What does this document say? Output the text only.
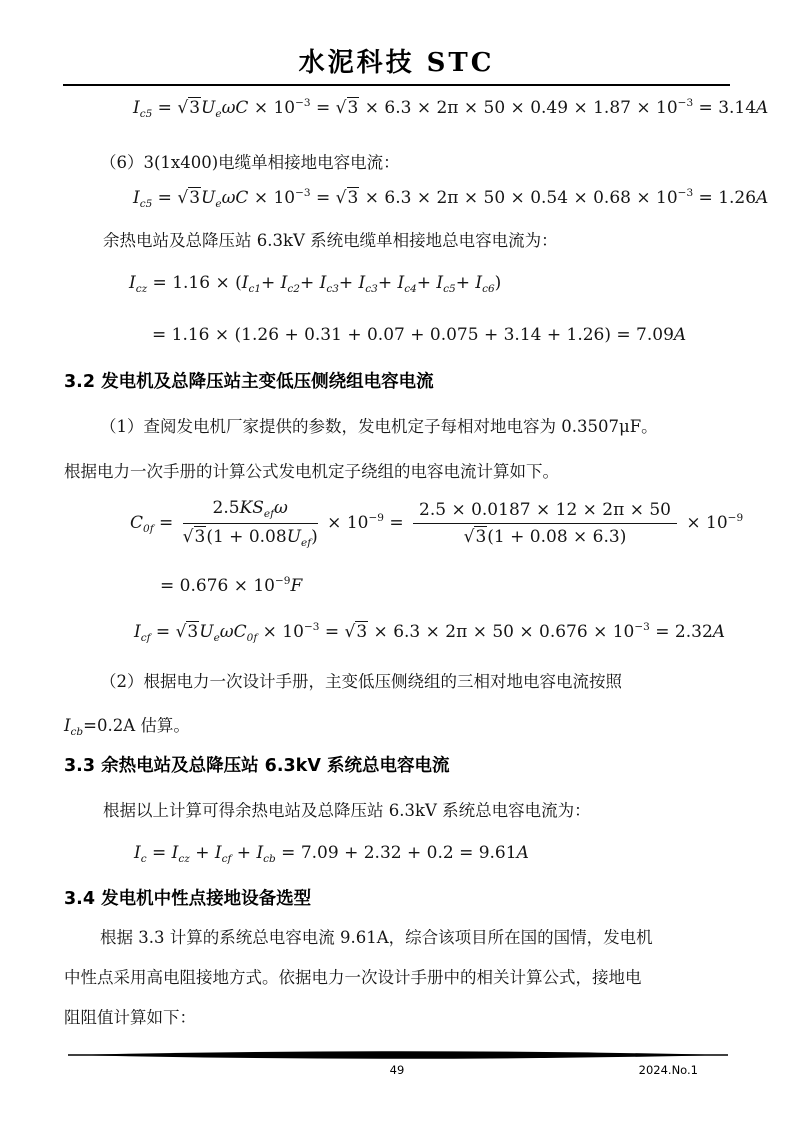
水泥科技 STC
$I_{c5} = √3U_e\omega C \times 10^{-3} = √3 \times 6.3 \times 2\pi \times 50 \times 0.49 \times 1.87 \times 10^{-3} = 3.14A$
（6）3(1x400)电缆单相接地电容电流：
$I_{c5} = √3U_e\omega C \times 10^{-3} = √3 \times 6.3 \times 2\pi \times 50 \times 0.54 \times 0.68 \times 10^{-3} = 1.26A$
余热电站及总降压站 6.3kV 系统电缆单相接地总电容电流为：
$I_{cz} = 1.16 \times (I_{c1}+ I_{c2}+ I_{c3}+ I_{c3}+ I_{c4}+ I_{c5}+ I_{c6})$
= 1.16 × (1.26 + 0.31 + 0.07 + 0.075 + 3.14 + 1.26) = 7.09A
3.2 发电机及总降压站主变低压侧绕组电容电流
（1）查阅发电机厂家提供的参数，发电机定子每相对地电容为 0.3507μF。
根据电力一次手册的计算公式发电机定子绕组的电容电流计算如下。
$C_{0f} = \frac{2.5KS_{ef}\omega}{√3(1 + 0.08U_{ef})} \times 10^{-9} = \frac{2.5 \times 0.0187 \times 12 \times 2\pi \times 50}{√3(1 + 0.08 \times 6.3)} \times 10^{-9}$
= $0.676 \times 10^{-9}F$
$I_{cf} = √3U_e\omega C_{0f} \times 10^{-3} = √3 \times 6.3 \times 2\pi \times 50 \times 0.676 \times 10^{-3} = 2.32A$
（2）根据电力一次设计手册，主变低压侧绕组的三相对地电容电流按照
$I_{cb}=0.2A$ 估算。
3.3 余热电站及总降压站 6.3kV 系统总电容电流
根据以上计算可得余热电站及总降压站 6.3kV 系统总电容电流为：
$I_c = I_{cz} + I_{cf} + I_{cb} = 7.09 + 2.32 + 0.2 = 9.61A$
3.4 发电机中性点接地设备选型
根据 3.3 计算的系统总电容电流 9.61A，综合该项目所在国的国情，发电机
中性点采用高电阻接地方式。依据电力一次设计手册中的相关计算公式，接地电
阻阻值计算如下：
49	2024.No.1
